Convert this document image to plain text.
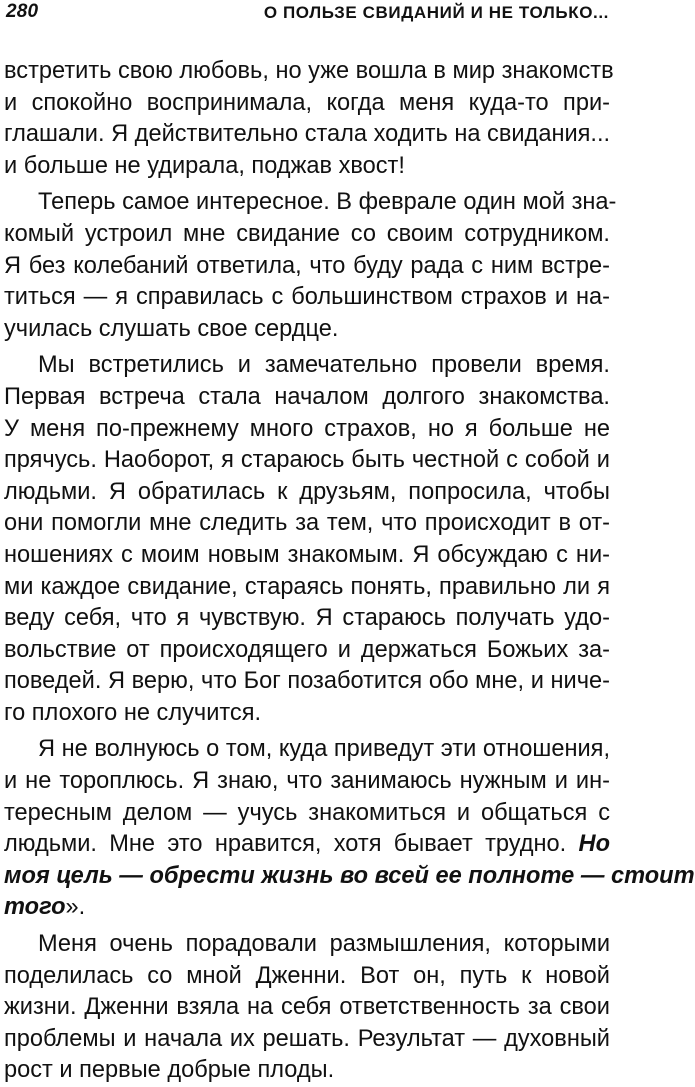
280	О ПОЛЬЗЕ СВИДАНИЙ И НЕ ТОЛЬКО...
встретить свою любовь, но уже вошла в мир знакомств
и спокойно воспринимала, когда меня куда-то при-
глашали. Я действительно стала ходить на свидания...
и больше не удирала, поджав хвост!
Теперь самое интересное. В феврале один мой зна-
комый устроил мне свидание со своим сотрудником.
Я без колебаний ответила, что буду рада с ним встре-
титься — я справилась с большинством страхов и на-
училась слушать свое сердце.
Мы встретились и замечательно провели время.
Первая встреча стала началом долгого знакомства.
У меня по-прежнему много страхов, но я больше не
прячусь. Наоборот, я стараюсь быть честной с собой и
людьми. Я обратилась к друзьям, попросила, чтобы
они помогли мне следить за тем, что происходит в от-
ношениях с моим новым знакомым. Я обсуждаю с ни-
ми каждое свидание, стараясь понять, правильно ли я
веду себя, что я чувствую. Я стараюсь получать удо-
вольствие от происходящего и держаться Божьих за-
поведей. Я верю, что Бог позаботится обо мне, и ниче-
го плохого не случится.
Я не волнуюсь о том, куда приведут эти отношения,
и не тороплюсь. Я знаю, что занимаюсь нужным и ин-
тересным делом — учусь знакомиться и общаться с
людьми. Мне это нравится, хотя бывает трудно. Но
моя цель — обрести жизнь во всей ее полноте — стоит
того».
Меня очень порадовали размышления, которыми
поделилась со мной Дженни. Вот он, путь к новой
жизни. Дженни взяла на себя ответственность за свои
проблемы и начала их решать. Результат — духовный
рост и первые добрые плоды.
